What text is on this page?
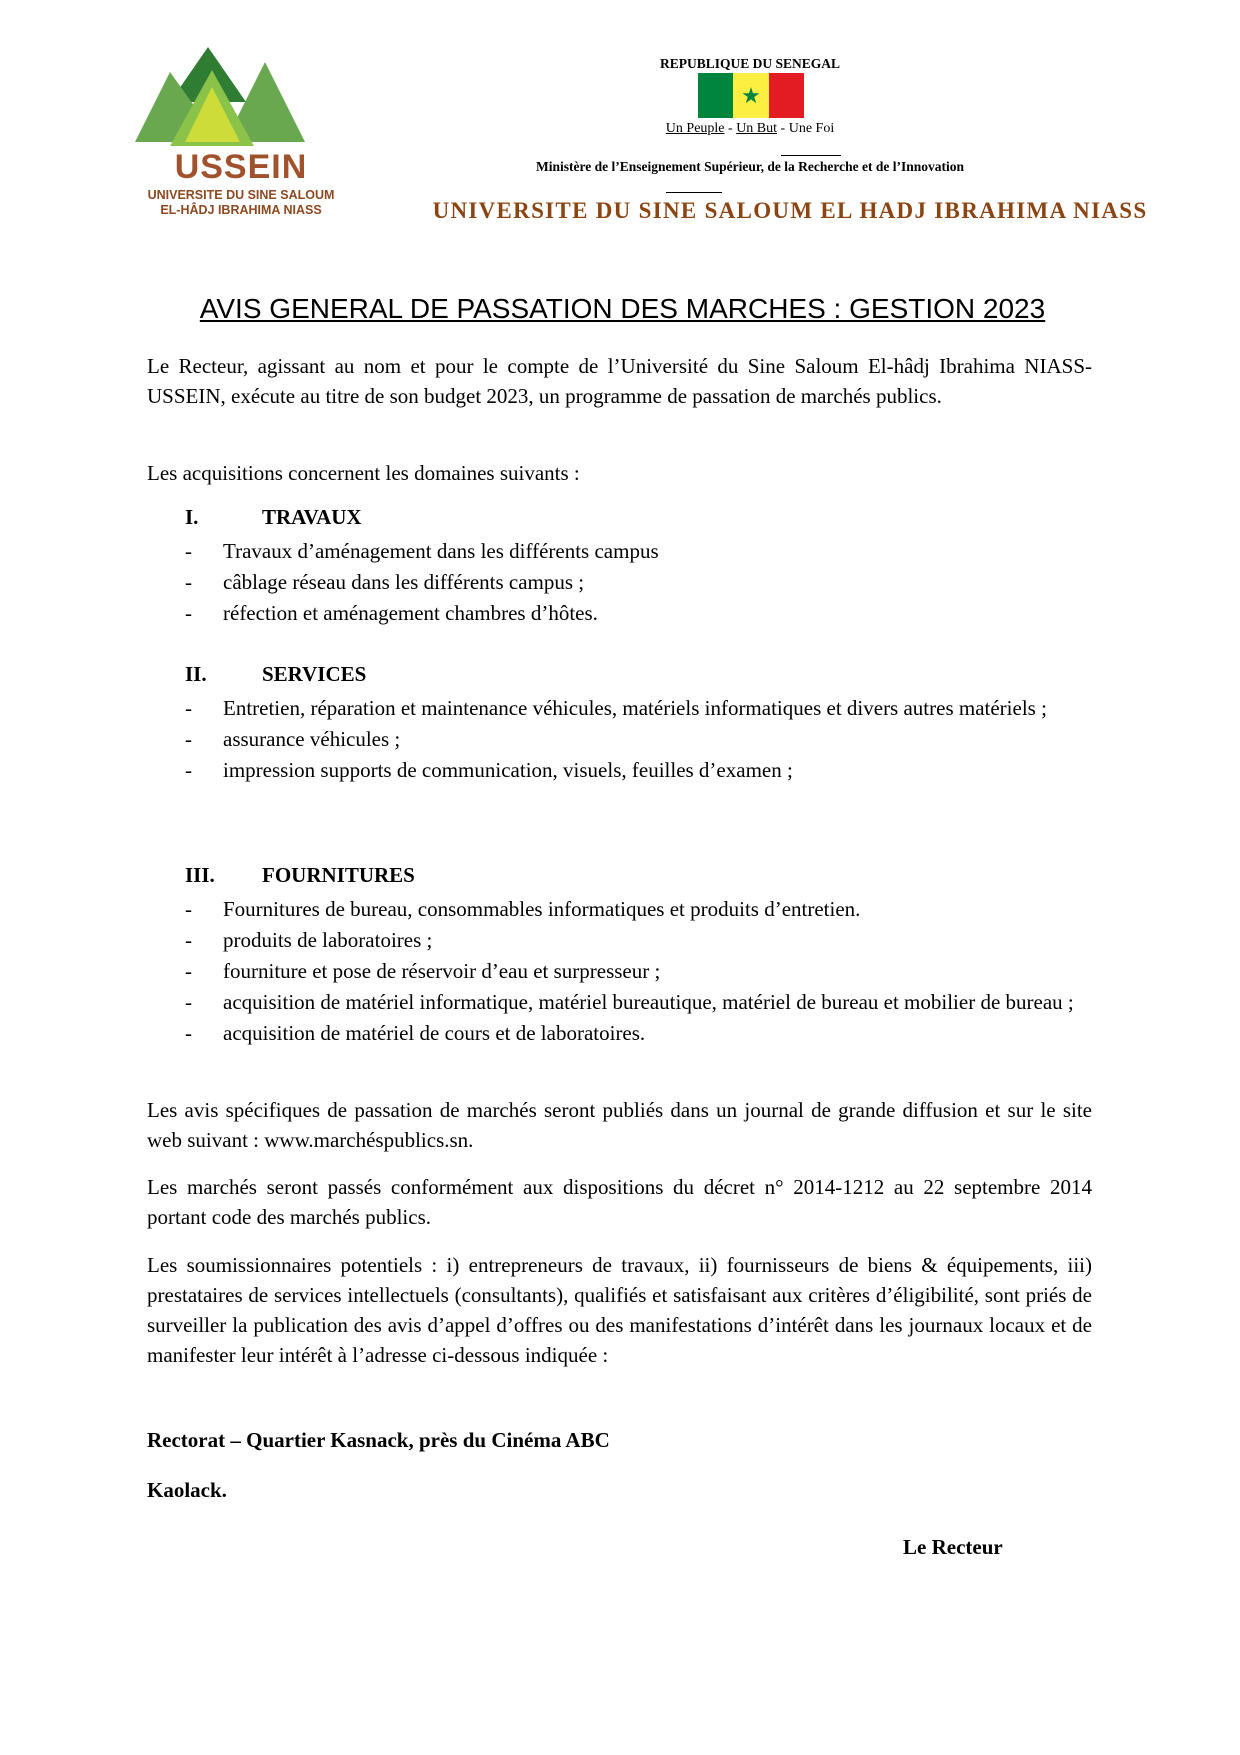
USSEIN
UNIVERSITE DU SINE SALOUM
EL-HÂDJ IBRAHIMA NIASS
REPUBLIQUE DU SENEGAL
★
Un Peuple - Un But - Une Foi
Ministère de l’Enseignement Supérieur, de la Recherche et de l’Innovation
UNIVERSITE DU SINE SALOUM EL HADJ IBRAHIMA NIASS
AVIS GENERAL DE PASSATION DES MARCHES : GESTION 2023
Le Recteur, agissant au nom et pour le compte de l’Université du Sine Saloum El-hâdj Ibrahima NIASS- USSEIN, exécute au titre de son budget 2023, un programme de passation de marchés publics.
Les acquisitions concernent les domaines suivants :
I.	TRAVAUX
- Travaux d’aménagement dans les différents campus
- câblage réseau dans les différents campus ;
- réfection et aménagement chambres d’hôtes.
II.	SERVICES
- Entretien, réparation et maintenance véhicules, matériels informatiques et divers autres matériels ;
- assurance véhicules ;
- impression supports de communication, visuels, feuilles d’examen ;
III. FOURNITURES
- Fournitures de bureau, consommables informatiques et produits d’entretien.
- produits de laboratoires ;
- fourniture et pose de réservoir d’eau et surpresseur ;
- acquisition de matériel informatique, matériel bureautique, matériel de bureau et mobilier de bureau ;
- acquisition de matériel de cours et de laboratoires.
Les avis spécifiques de passation de marchés seront publiés dans un journal de grande diffusion et sur le site web suivant : www.marchéspublics.sn.
Les marchés seront passés conformément aux dispositions du décret n° 2014-1212 au 22 septembre 2014 portant code des marchés publics.
Les soumissionnaires potentiels : i) entrepreneurs de travaux, ii) fournisseurs de biens & équipements, iii) prestataires de services intellectuels (consultants), qualifiés et satisfaisant aux critères d’éligibilité, sont priés de surveiller la publication des avis d’appel d’offres ou des manifestations d’intérêt dans les journaux locaux et de manifester leur intérêt à l’adresse ci-dessous indiquée :
Rectorat – Quartier Kasnack, près du Cinéma ABC
Kaolack.
Le Recteur
